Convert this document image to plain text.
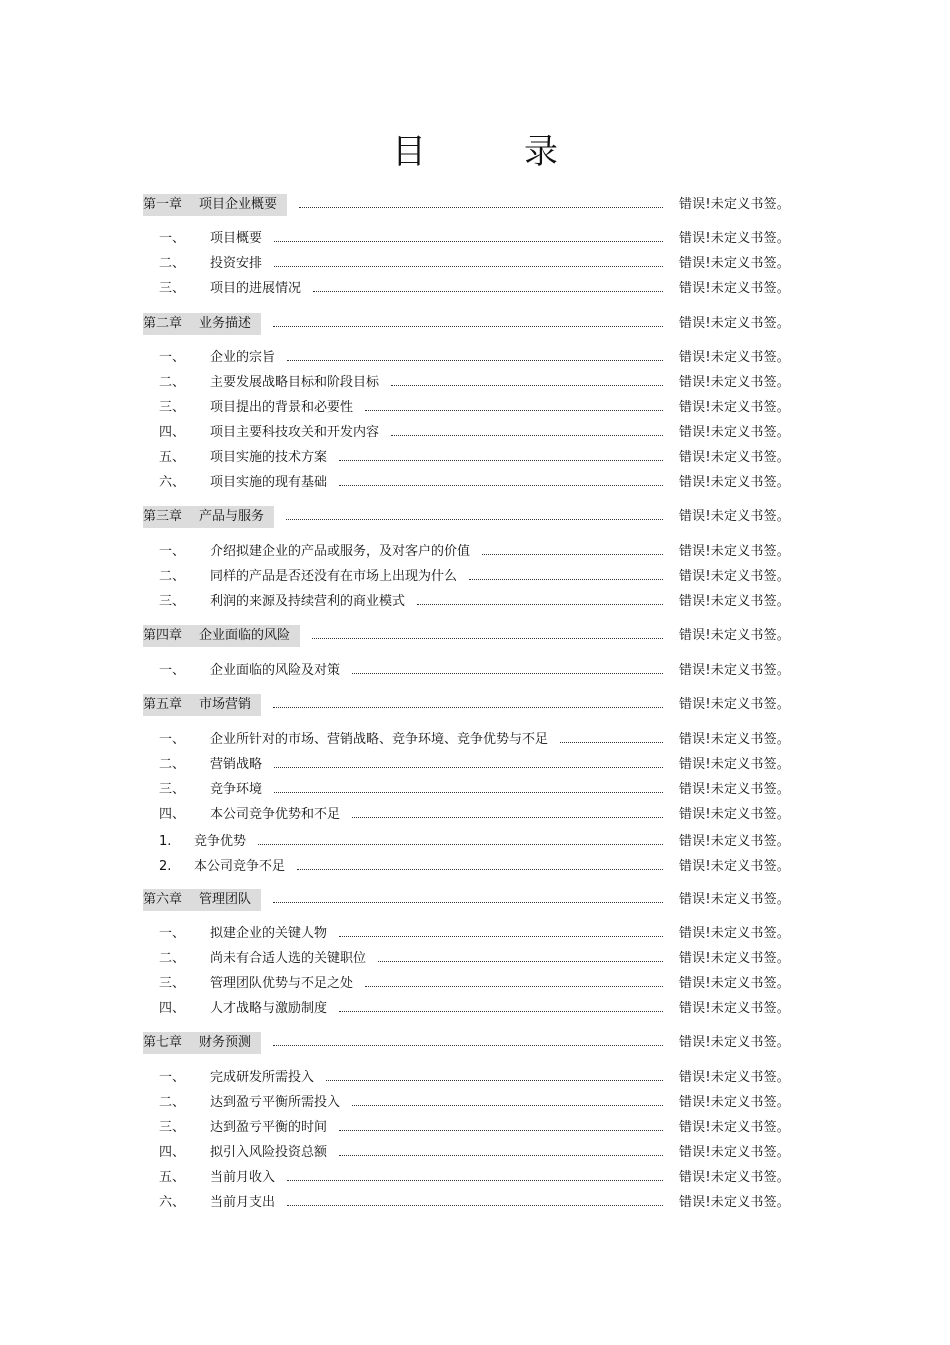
目　录
第一章 项目企业概要	错误!未定义书签。
一、 项目概要	错误!未定义书签。
二、 投资安排	错误!未定义书签。
三、 项目的进展情况	错误!未定义书签。
第二章 业务描述	错误!未定义书签。
一、 企业的宗旨	错误!未定义书签。
二、 主要发展战略目标和阶段目标	错误!未定义书签。
三、 项目提出的背景和必要性	错误!未定义书签。
四、 项目主要科技攻关和开发内容	错误!未定义书签。
五、 项目实施的技术方案	错误!未定义书签。
六、 项目实施的现有基础	错误!未定义书签。
第三章 产品与服务	错误!未定义书签。
一、 介绍拟建企业的产品或服务，及对客户的价值	错误!未定义书签。
二、 同样的产品是否还没有在市场上出现为什么	错误!未定义书签。
三、 利润的来源及持续营利的商业模式	错误!未定义书签。
第四章 企业面临的风险	错误!未定义书签。
一、 企业面临的风险及对策	错误!未定义书签。
第五章 市场营销	错误!未定义书签。
一、 企业所针对的市场、营销战略、竞争环境、竞争优势与不足	错误!未定义书签。
二、 营销战略	错误!未定义书签。
三、 竞争环境	错误!未定义书签。
四、 本公司竞争优势和不足	错误!未定义书签。
1. 竞争优势	错误!未定义书签。
2. 本公司竞争不足	错误!未定义书签。
第六章 管理团队	错误!未定义书签。
一、 拟建企业的关键人物	错误!未定义书签。
二、 尚未有合适人选的关键职位	错误!未定义书签。
三、 管理团队优势与不足之处	错误!未定义书签。
四、 人才战略与激励制度	错误!未定义书签。
第七章 财务预测	错误!未定义书签。
一、 完成研发所需投入	错误!未定义书签。
二、 达到盈亏平衡所需投入	错误!未定义书签。
三、 达到盈亏平衡的时间	错误!未定义书签。
四、 拟引入风险投资总额	错误!未定义书签。
五、 当前月收入	错误!未定义书签。
六、 当前月支出	错误!未定义书签。
